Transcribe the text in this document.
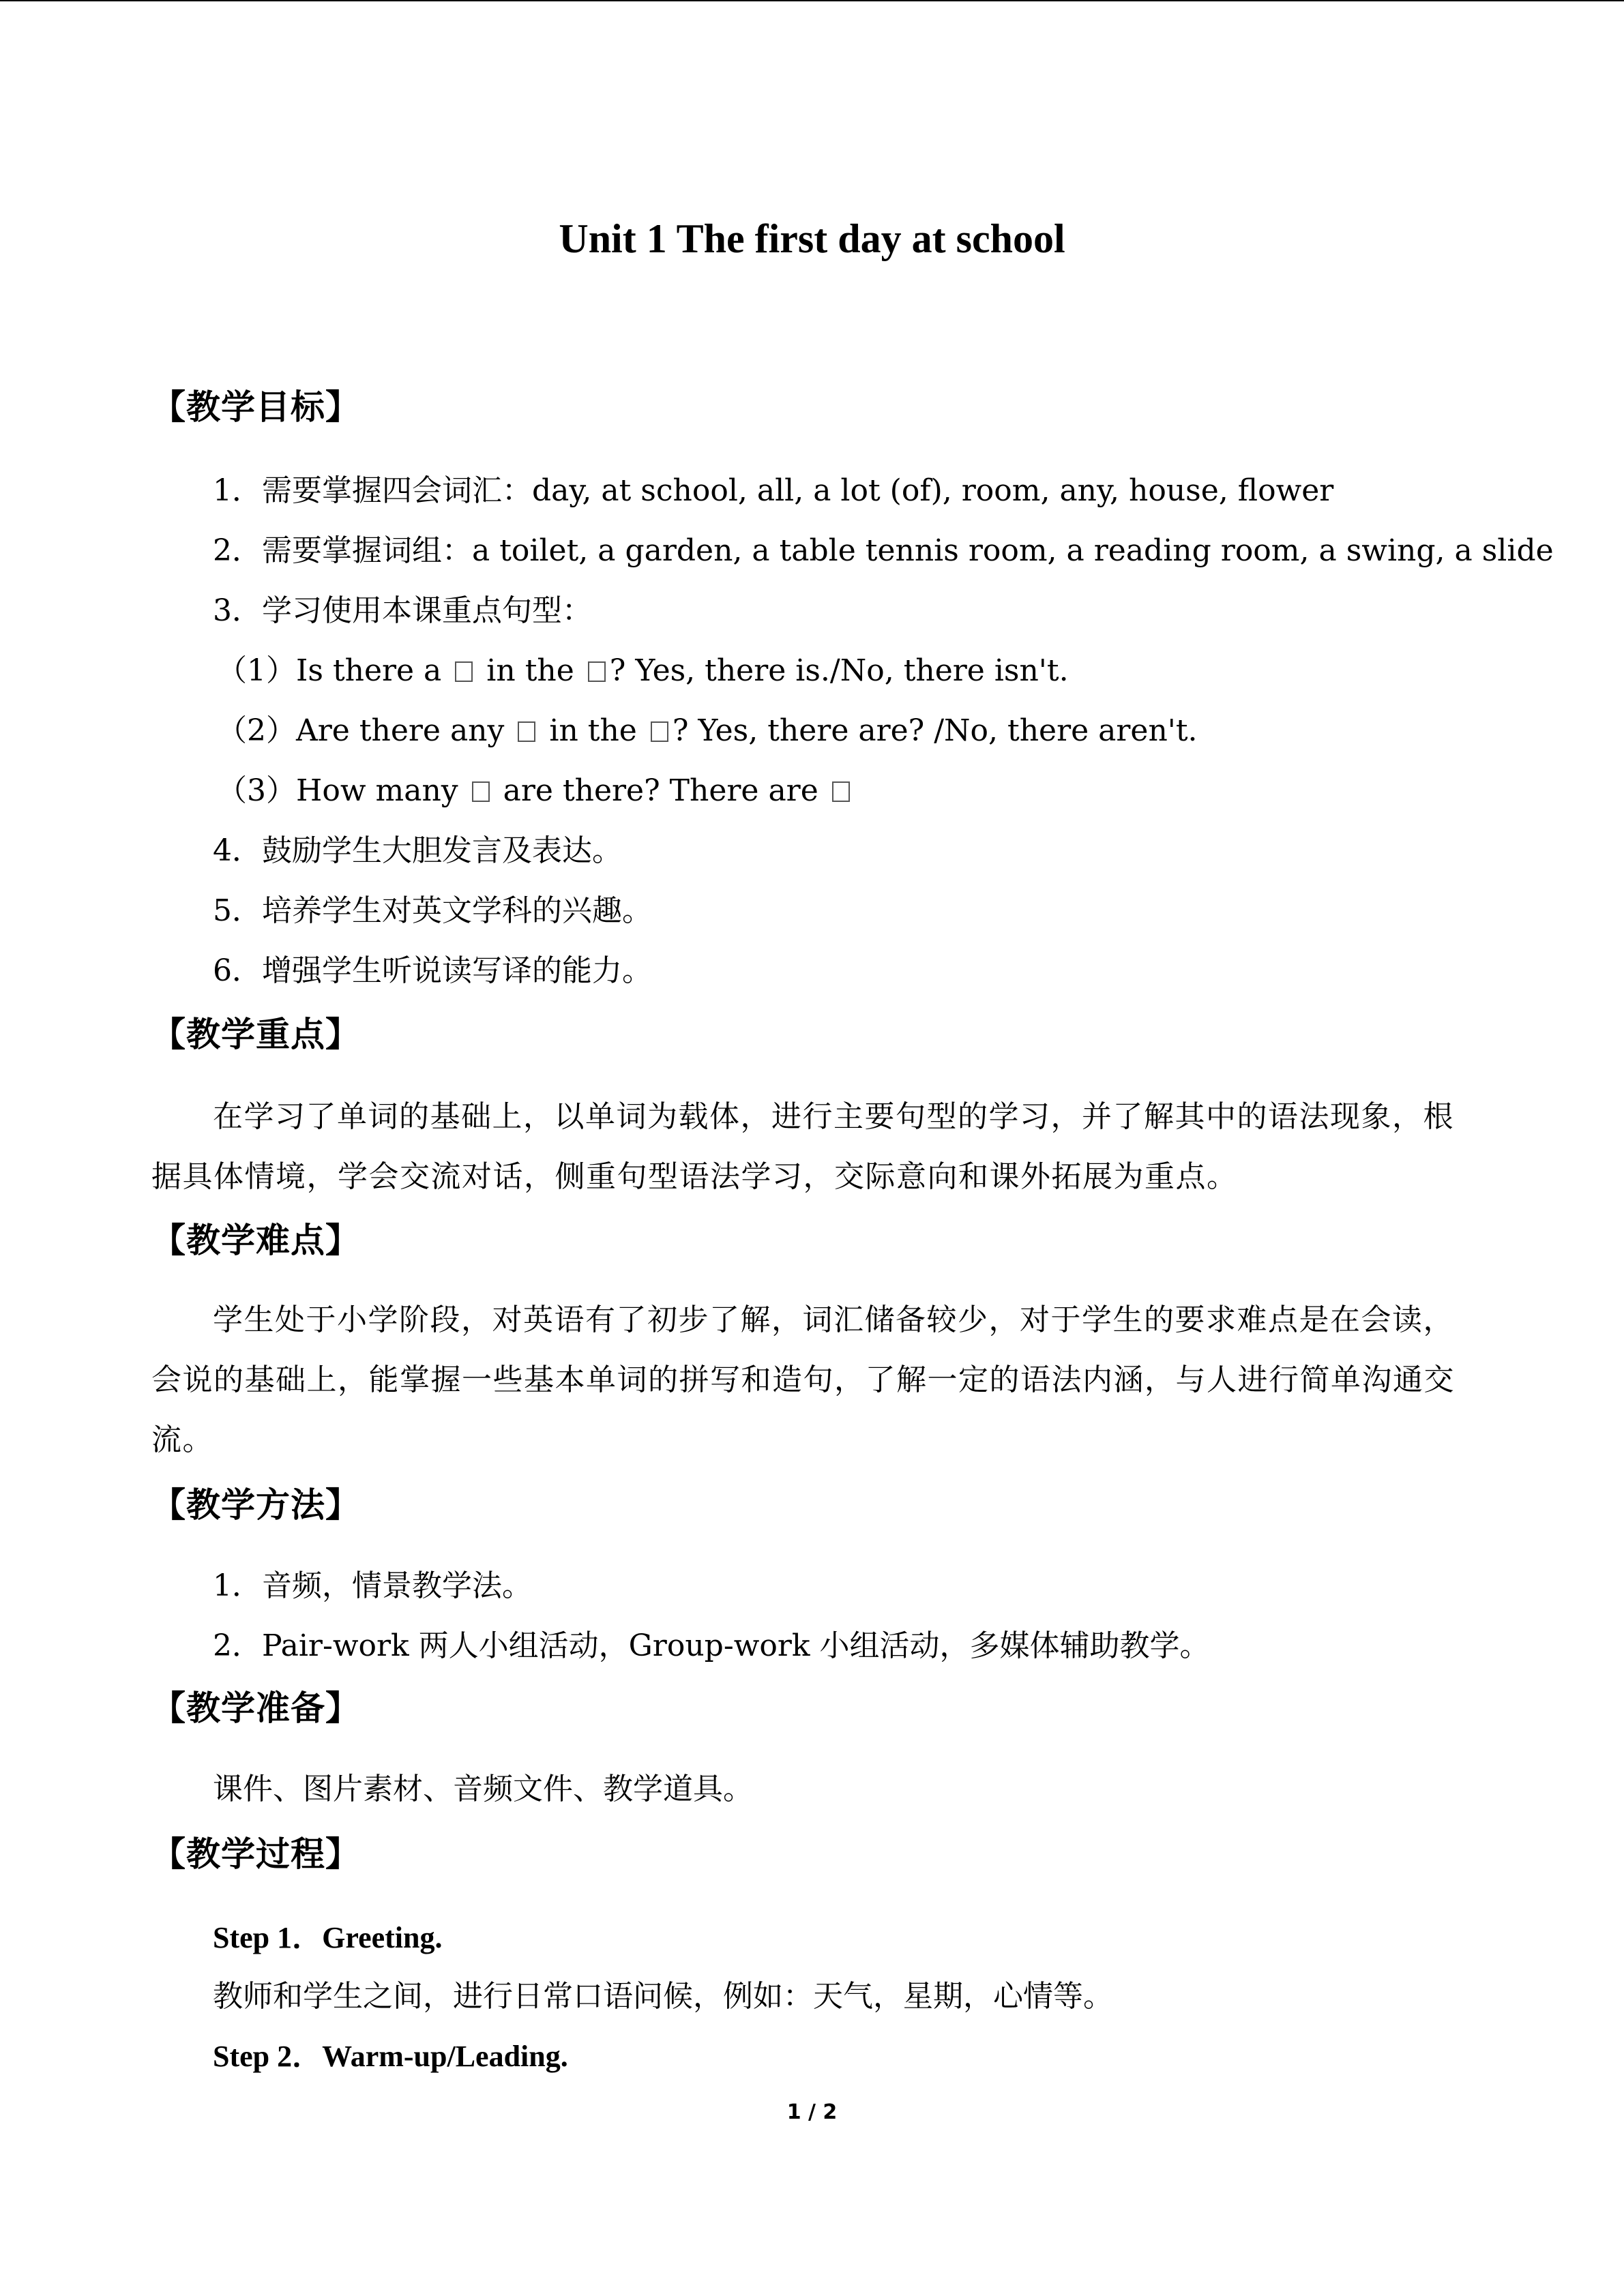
Unit 1 The first day at school
【教学目标】
1．需要掌握四会词汇：day, at school, all, a lot (of), room, any, house, flower
2．需要掌握词组：a toilet, a garden, a table tennis room, a reading room, a swing, a slide
3．学习使用本课重点句型：
（1）Is there a in the ? Yes, there is./No, there isn't.
（2）Are there any in the ? Yes, there are? /No, there aren't.
（3）How many are there? There are
4．鼓励学生大胆发言及表达。
5．培养学生对英文学科的兴趣。
6．增强学生听说读写译的能力。
【教学重点】
在学习了单词的基础上，以单词为载体，进行主要句型的学习，并了解其中的语法现象，根据具体情境，学会交流对话，侧重句型语法学习，交际意向和课外拓展为重点。
【教学难点】
学生处于小学阶段，对英语有了初步了解，词汇储备较少，对于学生的要求难点是在会读，会说的基础上，能掌握一些基本单词的拼写和造句，了解一定的语法内涵，与人进行简单沟通交流。
【教学方法】
1．音频，情景教学法。
2．Pair-work 两人小组活动，Group-work 小组活动，多媒体辅助教学。
【教学准备】
课件、图片素材、音频文件、教学道具。
【教学过程】
Step 1．Greeting.
教师和学生之间，进行日常口语问候，例如：天气，星期，心情等。
Step 2．Warm-up/Leading.
1 / 2
